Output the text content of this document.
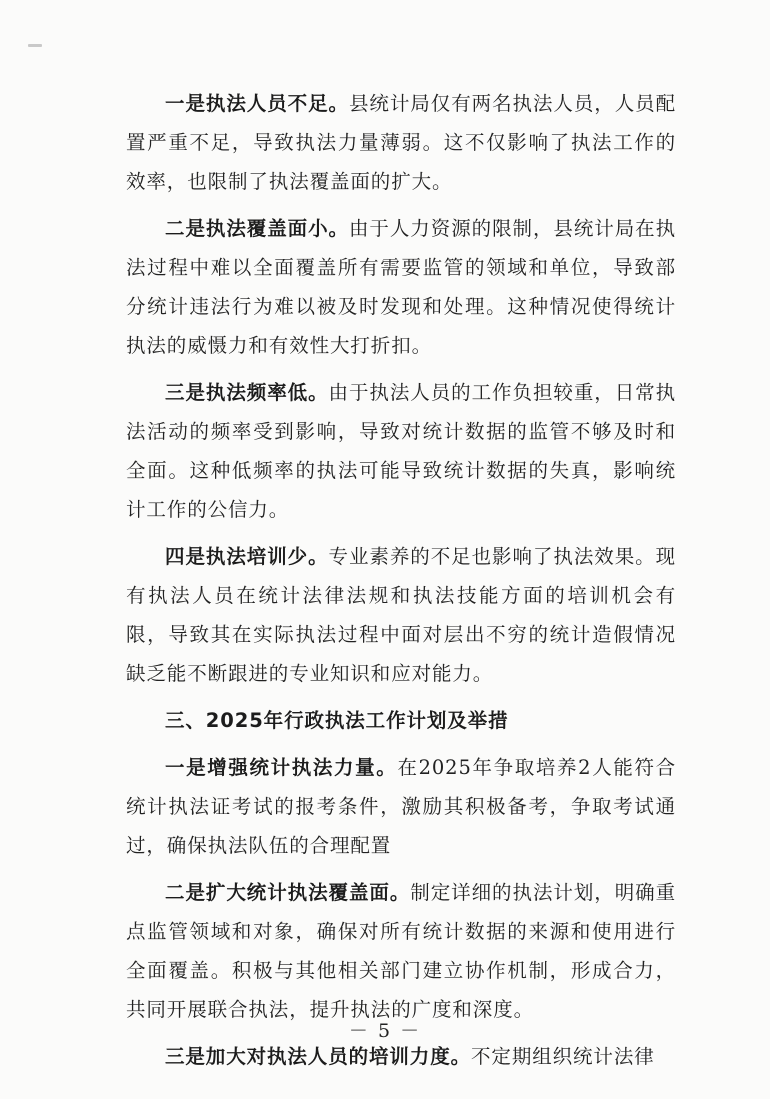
一是执法人员不足。县统计局仅有两名执法人员，人员配置严重不足，导致执法力量薄弱。这不仅影响了执法工作的效率，也限制了执法覆盖面的扩大。

二是执法覆盖面小。由于人力资源的限制，县统计局在执法过程中难以全面覆盖所有需要监管的领域和单位，导致部分统计违法行为难以被及时发现和处理。这种情况使得统计执法的威慑力和有效性大打折扣。

三是执法频率低。由于执法人员的工作负担较重，日常执法活动的频率受到影响，导致对统计数据的监管不够及时和全面。这种低频率的执法可能导致统计数据的失真，影响统计工作的公信力。

四是执法培训少。专业素养的不足也影响了执法效果。现有执法人员在统计法律法规和执法技能方面的培训机会有限，导致其在实际执法过程中面对层出不穷的统计造假情况缺乏能不断跟进的专业知识和应对能力。

三、2025年行政执法工作计划及举措

一是增强统计执法力量。在2025年争取培养2人能符合统计执法证考试的报考条件，激励其积极备考，争取考试通过，确保执法队伍的合理配置

二是扩大统计执法覆盖面。制定详细的执法计划，明确重点监管领域和对象，确保对所有统计数据的来源和使用进行全面覆盖。积极与其他相关部门建立协作机制，形成合力，共同开展联合执法，提升执法的广度和深度。

三是加大对执法人员的培训力度。不定期组织统计法律

－ 5 －
